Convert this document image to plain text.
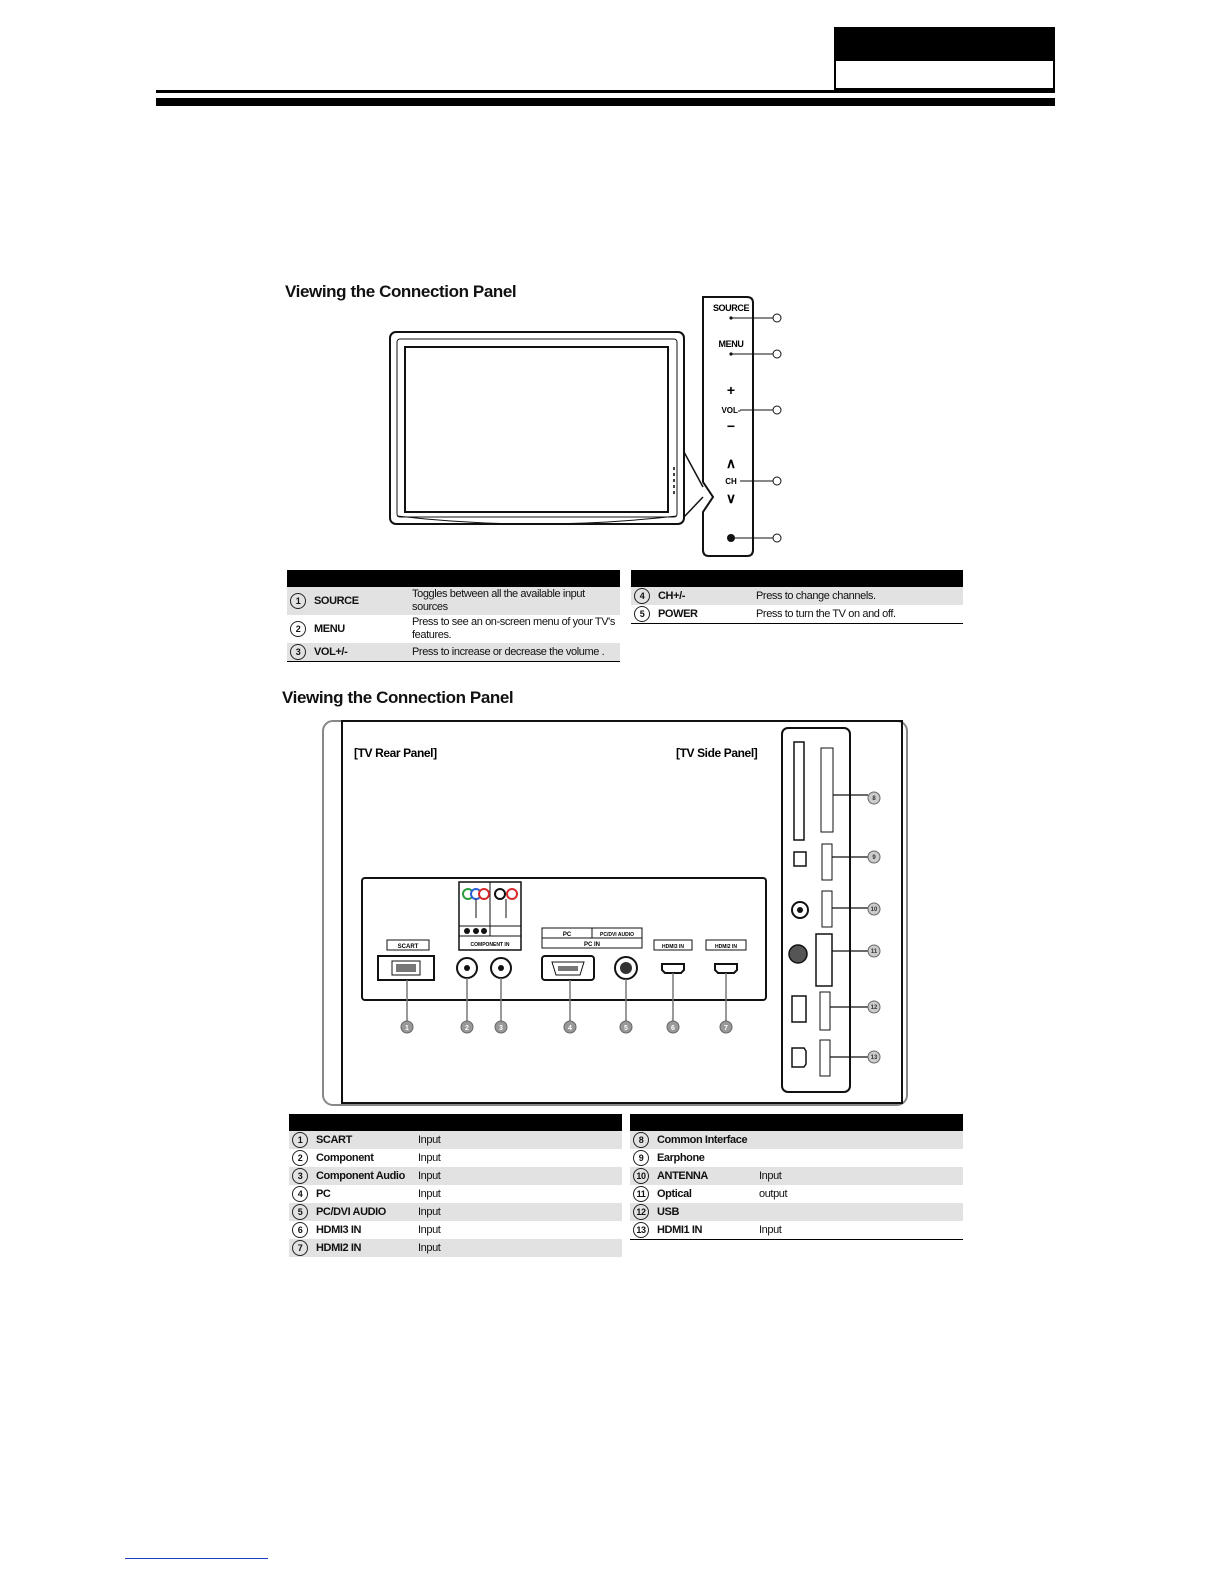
Viewing the Connection Panel
SOURCE
MENU
+
VOL-
−
∧
CH
∨

1	SOURCE	Toggles between all the available input sources
2	MENU	Press to see an on-screen menu of your TV's features.
3	VOL+/-	Press to increase or decrease the volume .

4	CH+/-	Press to change channels.
5	POWER	Press to turn the TV on and off.
Viewing the Connection Panel
[TV Rear Panel]	[TV Side Panel]
SCART	COMPONENT IN
PC	PC/DVI AUDIO
PC IN	HDMI3 IN	HDMI2 IN
1	2	3	4	5	6	7
8
9
10
11
12
13

1	SCART	Input
2	Component	Input
3	Component Audio	Input
4	PC	Input
5	PC/DVI AUDIO	Input
6	HDMI3 IN	Input
7	HDMI2 IN	Input

8	Common Interface	
9	Earphone	
10	ANTENNA	Input
11	Optical	output
12	USB	
13	HDMI1 IN	Input
